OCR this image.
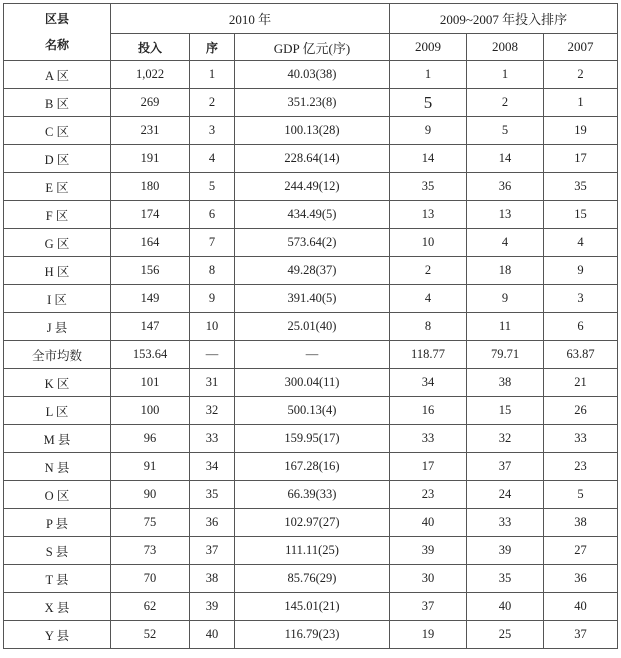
区县
名称	2010 年			2009~2007 年投入排序		
	投入	序	GDP 亿元(序)	2009	2008	2007
A 区	1,022	1	40.03(38)	1	1	2
B 区	269	2	351.23(8)	5	2	1
C 区	231	3	100.13(28)	9	5	19
D 区	191	4	228.64(14)	14	14	17
E 区	180	5	244.49(12)	35	36	35
F 区	174	6	434.49(5)	13	13	15
G 区	164	7	573.64(2)	10	4	4
H 区	156	8	49.28(37)	2	18	9
I 区	149	9	391.40(5)	4	9	3
J 县	147	10	25.01(40)	8	11	6
全市均数	153.64	—	—	118.77	79.71	63.87
K 区	101	31	300.04(11)	34	38	21
L 区	100	32	500.13(4)	16	15	26
M 县	96	33	159.95(17)	33	32	33
N 县	91	34	167.28(16)	17	37	23
O 区	90	35	66.39(33)	23	24	5
P 县	75	36	102.97(27)	40	33	38
S 县	73	37	111.11(25)	39	39	27
T 县	70	38	85.76(29)	30	35	36
X 县	62	39	145.01(21)	37	40	40
Y 县	52	40	116.79(23)	19	25	37
